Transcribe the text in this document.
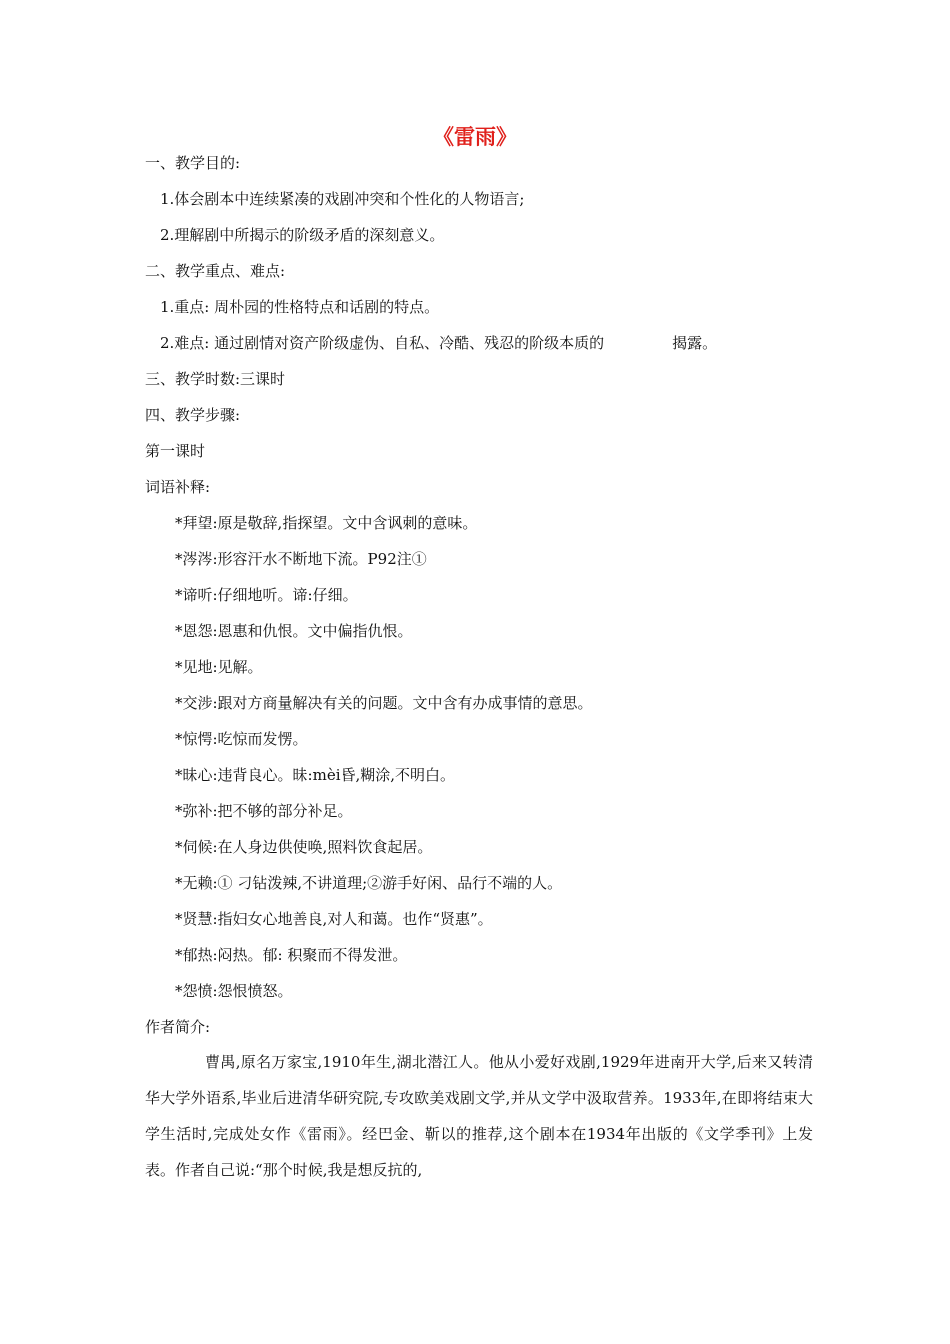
《雷雨》
一、教学目的:
1.体会剧本中连续紧凑的戏剧冲突和个性化的人物语言;
2.理解剧中所揭示的阶级矛盾的深刻意义。
二、教学重点、难点:
1.重点: 周朴园的性格特点和话剧的特点。
2.难点: 通过剧情对资产阶级虚伪、自私、冷酷、残忍的阶级本质的	揭露。
三、教学时数:三课时
四、教学步骤:
第一课时
词语补释:
*拜望:原是敬辞,指探望。文中含讽刺的意味。
*涔涔:形容汗水不断地下流。P92注①
*谛听:仔细地听。谛:仔细。
*恩怨:恩惠和仇恨。文中偏指仇恨。
*见地:见解。
*交涉:跟对方商量解决有关的问题。文中含有办成事情的意思。
*惊愕:吃惊而发愣。
*昧心:违背良心。昧:mèi昏,糊涂,不明白。
*弥补:把不够的部分补足。
*伺候:在人身边供使唤,照料饮食起居。
*无赖:① 刁钻泼辣,不讲道理;②游手好闲、品行不端的人。
*贤慧:指妇女心地善良,对人和蔼。也作“贤惠”。
*郁热:闷热。郁: 积聚而不得发泄。
*怨愤:怨恨愤怒。
作者简介:
曹禺,原名万家宝,1910年生,湖北潜江人。他从小爱好戏剧,1929年进南开大学,后来又转清华大学外语系,毕业后进清华研究院,专攻欧美戏剧文学,并从文学中汲取营养。1933年,在即将结束大学生活时,完成处女作《雷雨》。经巴金、靳以的推荐,这个剧本在1934年出版的《文学季刊》上发表。作者自己说:“那个时候,我是想反抗的,
